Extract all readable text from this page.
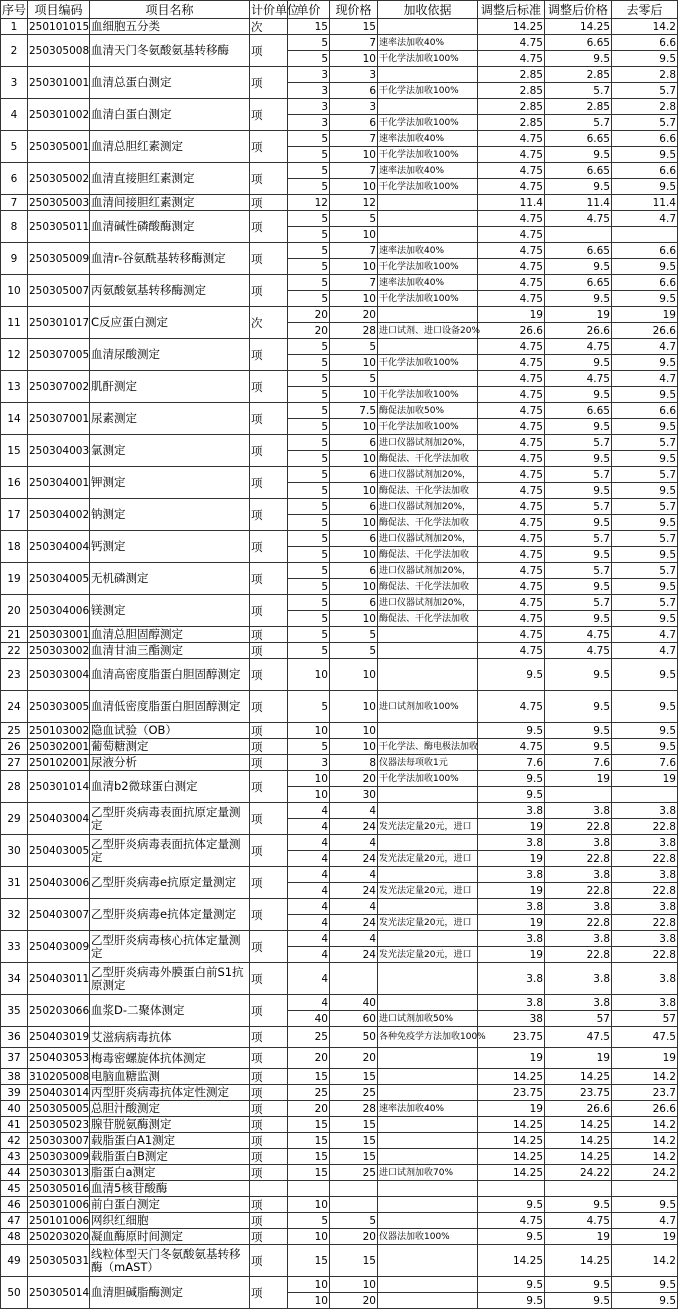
序号	项目编码	项目名称	计价单位	单价	现价格	加收依据	调整后标准	调整后价格	去零后
1	250101015	血细胞五分类	次	15	15		14.25	14.25	14.2
2	250305008	血清天门冬氨酸氨基转移酶	项	5	7	速率法加收40%	4.75	6.65	6.6
				5	10	干化学法加收100%	4.75	9.5	9.5
3	250301001	血清总蛋白测定	项	3	3		2.85	2.85	2.8
				3	6	干化学法加收100%	2.85	5.7	5.7
4	250301002	血清白蛋白测定	项	3	3		2.85	2.85	2.8
				3	6	干化学法加收100%	2.85	5.7	5.7
5	250305001	血清总胆红素测定	项	5	7	速率法加收40%	4.75	6.65	6.6
				5	10	干化学法加收100%	4.75	9.5	9.5
6	250305002	血清直接胆红素测定	项	5	7	速率法加收40%	4.75	6.65	6.6
				5	10	干化学法加收100%	4.75	9.5	9.5
7	250305003	血清间接胆红素测定	项	12	12		11.4	11.4	11.4
8	250305011	血清碱性磷酸酶测定	项	5	5		4.75	4.75	4.7
				5	10		4.75		
9	250305009	血清r-谷氨酰基转移酶测定	项	5	7	速率法加收40%	4.75	6.65	6.6
				5	10	干化学法加收100%	4.75	9.5	9.5
10	250305007	丙氨酸氨基转移酶测定	项	5	7	速率法加收40%	4.75	6.65	6.6
				5	10	干化学法加收100%	4.75	9.5	9.5
11	250301017	C反应蛋白测定	次	20	20		19	19	19
				20	28	进口试剂、进口设备20%	26.6	26.6	26.6
12	250307005	血清尿酸测定	项	5	5		4.75	4.75	4.7
				5	10	干化学法加收100%	4.75	9.5	9.5
13	250307002	肌酐测定	项	5	5		4.75	4.75	4.7
				5	10	干化学法加收100%	4.75	9.5	9.5
14	250307001	尿素测定	项	5	7.5	酶促法加收50%	4.75	6.65	6.6
				5	10	干化学法加收100%	4.75	9.5	9.5
15	250304003	氯测定	项	5	6	进口仪器试剂加20%，	4.75	5.7	5.7
				5	10	酶促法、干化学法加收	4.75	9.5	9.5
16	250304001	钾测定	项	5	6	进口仪器试剂加20%，	4.75	5.7	5.7
				5	10	酶促法、干化学法加收	4.75	9.5	9.5
17	250304002	钠测定	项	5	6	进口仪器试剂加20%，	4.75	5.7	5.7
				5	10	酶促法、干化学法加收	4.75	9.5	9.5
18	250304004	钙测定	项	5	6	进口仪器试剂加20%，	4.75	5.7	5.7
				5	10	酶促法、干化学法加收	4.75	9.5	9.5
19	250304005	无机磷测定	项	5	6	进口仪器试剂加20%，	4.75	5.7	5.7
				5	10	酶促法、干化学法加收	4.75	9.5	9.5
20	250304006	镁测定	项	5	6	进口仪器试剂加20%，	4.75	5.7	5.7
				5	10	酶促法、干化学法加收	4.75	9.5	9.5
21	250303001	血清总胆固醇测定	项	5	5		4.75	4.75	4.7
22	250303002	血清甘油三酯测定	项	5	5		4.75	4.75	4.7
23	250303004	血清高密度脂蛋白胆固醇测定	项	10	10		9.5	9.5	9.5
24	250303005	血清低密度脂蛋白胆固醇测定	项	5	10	进口试剂加收100%	4.75	9.5	9.5
25	250103002	隐血试验（OB）	项	10	10		9.5	9.5	9.5
26	250302001	葡萄糖测定	项	5	10	干化学法、酶电极法加收	4.75	9.5	9.5
27	250102001	尿液分析	项	3	8	仪器法每项收1元	7.6	7.6	7.6
28	250301014	血清b2微球蛋白测定	项	10	20	干化学法加收100%	9.5	19	19
				10	30		9.5		
29	250403004	乙型肝炎病毒表面抗原定量测定	项	4	4		3.8	3.8	3.8
				4	24	发光法定量20元，进口	19	22.8	22.8
30	250403005	乙型肝炎病毒表面抗体定量测定	项	4	4		3.8	3.8	3.8
				4	24	发光法定量20元，进口	19	22.8	22.8
31	250403006	乙型肝炎病毒e抗原定量测定	项	4	4		3.8	3.8	3.8
				4	24	发光法定量20元，进口	19	22.8	22.8
32	250403007	乙型肝炎病毒e抗体定量测定	项	4	4		3.8	3.8	3.8
				4	24	发光法定量20元，进口	19	22.8	22.8
33	250403009	乙型肝炎病毒核心抗体定量测定	项	4	4		3.8	3.8	3.8
				4	24	发光法定量20元，进口	19	22.8	22.8
34	250403011	乙型肝炎病毒外膜蛋白前S1抗原测定	项	4			3.8	3.8	3.8
35	250203066	血浆D-二聚体测定	项	4	40		3.8	3.8	3.8
				40	60	进口试剂加收50%	38	57	57
36	250403019	艾滋病病毒抗体	项	25	50	各种免疫学方法加收100%	23.75	47.5	47.5
37	250403053	梅毒密螺旋体抗体测定	项	20	20		19	19	19
38	310205008	电脑血糖监测	项	15	15		14.25	14.25	14.2
39	250403014	丙型肝炎病毒抗体定性测定	项	25	25		23.75	23.75	23.7
40	250305005	总胆汁酸测定	项	20	28	速率法加收40%	19	26.6	26.6
41	250305023	腺苷脱氨酶测定	项	15	15		14.25	14.25	14.2
42	250303007	载脂蛋白A1测定	项	15	15		14.25	14.25	14.2
43	250303009	载脂蛋白B测定	项	15	15		14.25	14.25	14.2
44	250303013	脂蛋白a测定	项	15	25	进口试剂加收70%	14.25	24.22	24.2
45	250305016	血清5核苷酸酶							
46	250301006	前白蛋白测定	项	10			9.5	9.5	9.5
47	250101006	网织红细胞	项	5	5		4.75	4.75	4.7
48	250203020	凝血酶原时间测定	项	10	20	仪器法加收100%	9.5	19	19
49	250305031	线粒体型天门冬氨酸氨基转移酶（mAST）	项	15	15		14.25	14.25	14.2
50	250305014	血清胆碱脂酶测定	项	10	10		9.5	9.5	9.5
				10	20		9.5	9.5	9.5
